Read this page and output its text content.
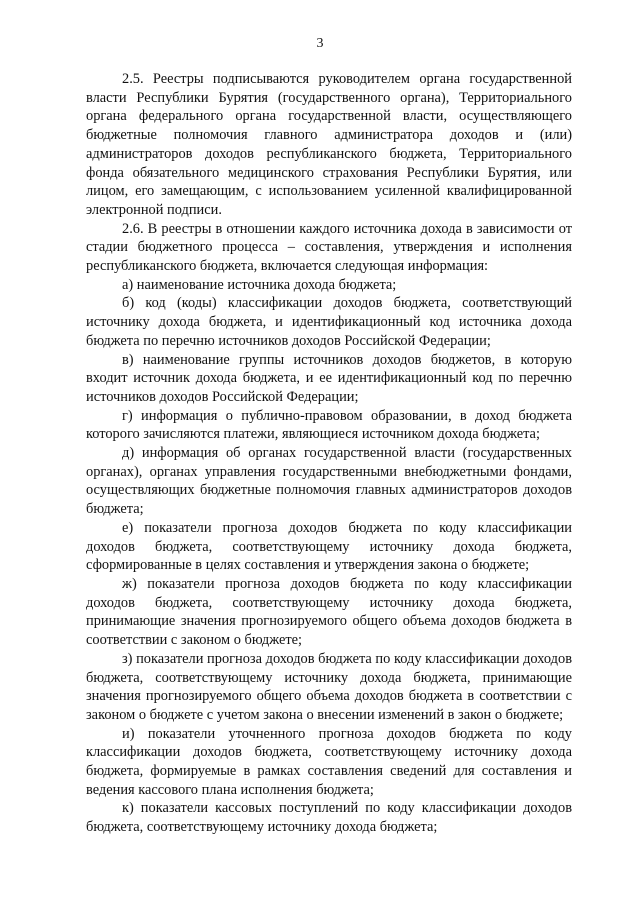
3

2.5. Реестры подписываются руководителем органа государственной власти Республики Бурятия (государственного органа), Территориального органа федерального органа государственной власти, осуществляющего бюджетные полномочия главного администратора доходов и (или) администраторов доходов республиканского бюджета, Территориального фонда обязательного медицинского страхования Республики Бурятия, или лицом, его замещающим, с использованием усиленной квалифицированной электронной подписи.

2.6. В реестры в отношении каждого источника дохода в зависимости от стадии бюджетного процесса – составления, утверждения и исполнения республиканского бюджета, включается следующая информация:

а) наименование источника дохода бюджета;

б) код (коды) классификации доходов бюджета, соответствующий источнику дохода бюджета, и идентификационный код источника дохода бюджета по перечню источников доходов Российской Федерации;

в) наименование группы источников доходов бюджетов, в которую входит источник дохода бюджета, и ее идентификационный код по перечню источников доходов Российской Федерации;

г) информация о публично-правовом образовании, в доход бюджета которого зачисляются платежи, являющиеся источником дохода бюджета;

д) информация об органах государственной власти (государственных органах), органах управления государственными внебюджетными фондами, осуществляющих бюджетные полномочия главных администраторов доходов бюджета;

е) показатели прогноза доходов бюджета по коду классификации доходов бюджета, соответствующему источнику дохода бюджета, сформированные в целях составления и утверждения закона о бюджете;

ж) показатели прогноза доходов бюджета по коду классификации доходов бюджета, соответствующему источнику дохода бюджета, принимающие значения прогнозируемого общего объема доходов бюджета в соответствии с законом о бюджете;

з) показатели прогноза доходов бюджета по коду классификации доходов бюджета, соответствующему источнику дохода бюджета, принимающие значения прогнозируемого общего объема доходов бюджета в соответствии с законом о бюджете с учетом закона о внесении изменений в закон о бюджете;

и) показатели уточненного прогноза доходов бюджета по коду классификации доходов бюджета, соответствующему источнику дохода бюджета, формируемые в рамках составления сведений для составления и ведения кассового плана исполнения бюджета;

к) показатели кассовых поступлений по коду классификации доходов бюджета, соответствующему источнику дохода бюджета;
